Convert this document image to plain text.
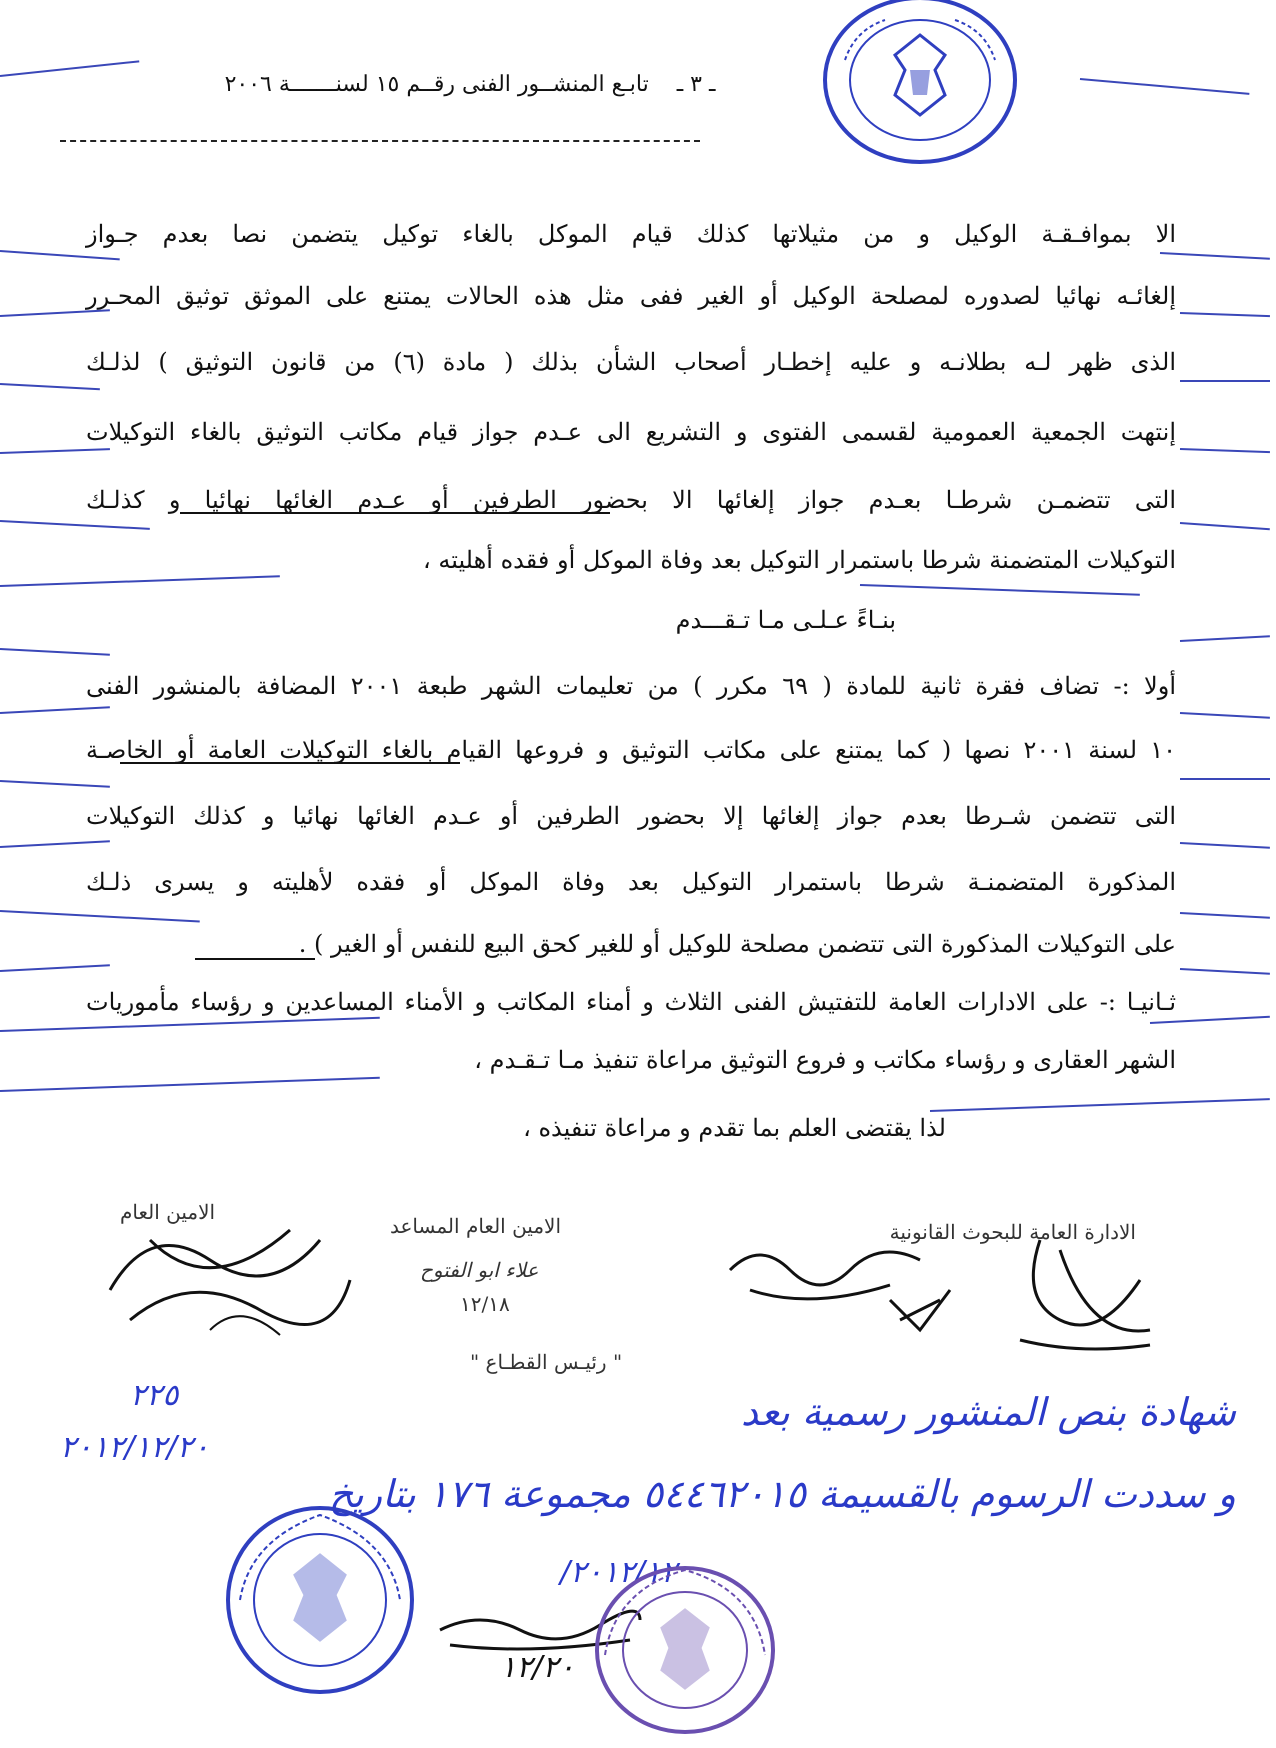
ـ ٣ ـ    تابـع المنشــور الفنى رقــم ١٥ لسنـــــــة ٢٠٠٦
الا بموافـقـة الوكيل و من مثيلاتها كذلك قيام الموكل بالغاء توكيل يتضمن نصا بعدم جـواز
إلغائـه نهائيا لصدوره لمصلحة الوكيل أو الغير ففى مثل هذه الحالات يمتنع على الموثق توثيق المحـرر
الذى ظهر لـه بطلانـه و عليه إخطـار أصحاب الشأن بذلك ( مادة (٦) من قانون التوثيق ) لذلـك
إنتهت الجمعية العمومية لقسمى الفتوى و التشريع الى عـدم جواز قيام مكاتب التوثيق بالغاء التوكيلات
التى تتضمـن شرطـا بعـدم جواز إلغائها الا بحضور الطرفين أو عـدم الغائها نهائيا و كذلـك
التوكيلات المتضمنة شرطا باستمرار التوكيل بعد وفاة الموكل أو فقده أهليته ،
بنـاءً عـلـى مـا تـقـــدم
أولا :- تضاف فقرة ثانية للمادة ( ٦٩ مكرر ) من تعليمات الشهر طبعة ٢٠٠١ المضافة بالمنشور الفنى
١٠ لسنة ٢٠٠١ نصها ( كما يمتنع على مكاتب التوثيق و فروعها القيام بالغاء التوكيلات العامة أو الخاصـة
التى تتضمن شـرطا بعدم جواز إلغائها إلا بحضور الطرفين أو عـدم الغائها نهائيا و كذلك التوكيلات
المذكورة المتضمنـة شرطا باستمرار التوكيل بعد وفاة الموكل أو فقده لأهليته و يسرى ذلـك
على التوكيلات المذكورة التى تتضمن مصلحة للوكيل أو للغير كحق البيع للنفس أو الغير ) .
ثـانيـا :- على الادارات العامة للتفتيش الفنى الثلاث و أمناء المكاتب و الأمناء المساعدين و رؤساء مأموريات
الشهر العقارى و رؤساء مكاتب و فروع التوثيق مراعاة تنفيذ مـا تـقـدم ،
لذا يقتضى العلم بما تقدم و مراعاة تنفيذه ،
الادارة العامة للبحوث القانونية
الامين العام المساعد
علاء ابو الفتوح
١٢/١٨
الامين العام
" رئيـس القطـاع "
شهادة بنص المنشور رسمية بعد
٢٢٥
٢٠١٢/١٢/٢٠
و سددت الرسوم بالقسيمة ٥٤٤٦٢٠١٥ مجموعة ١٧٦ بتاريخ
٢٠١٢/١٢/
١٢/٢٠
